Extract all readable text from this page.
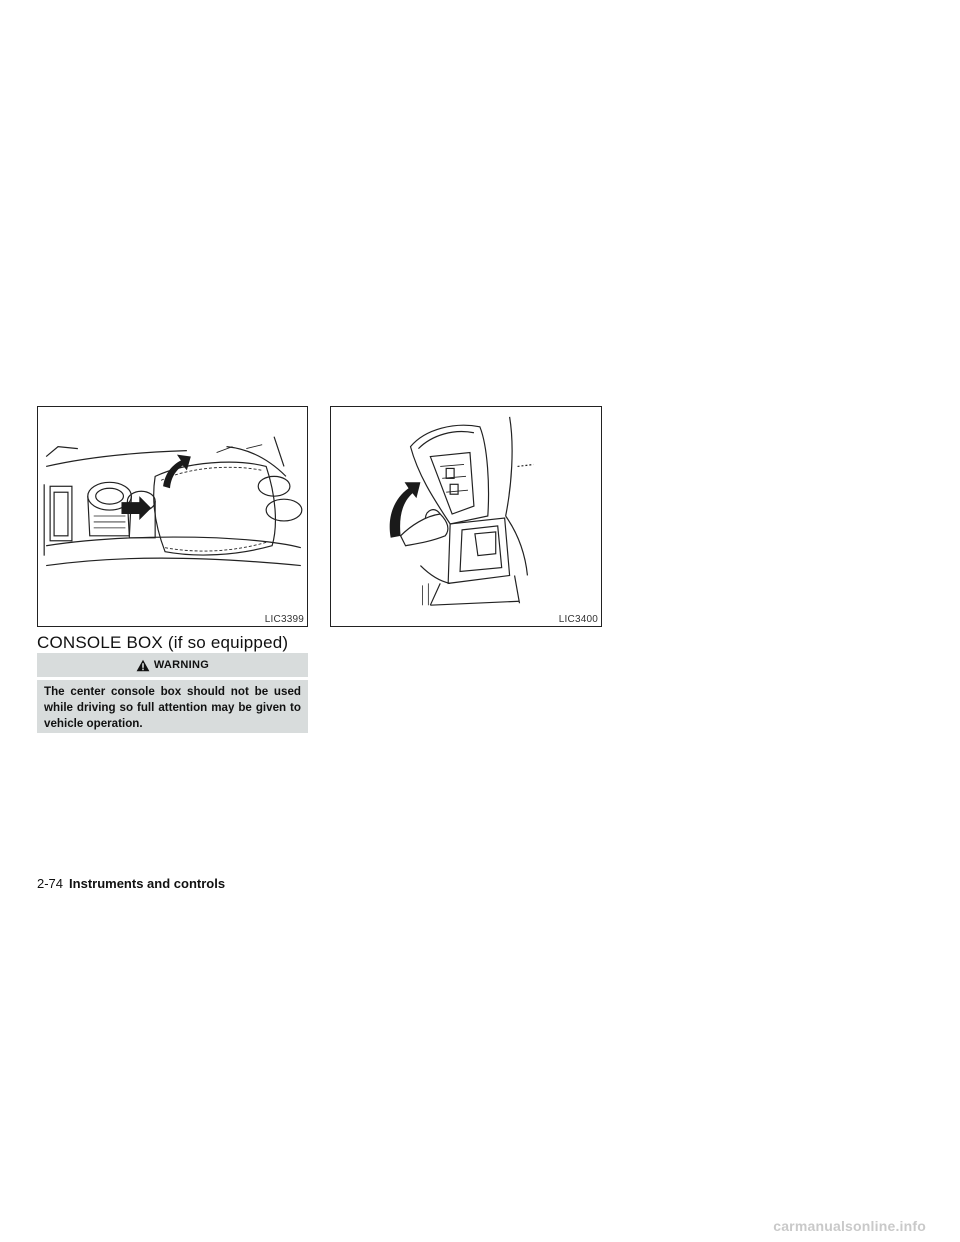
LIC3399	LIC3400
CONSOLE BOX (if so equipped)
WARNING
The center console box should not be used while driving so full attention may be given to vehicle operation.
2-74 Instruments and controls
carmanualsonline.info
